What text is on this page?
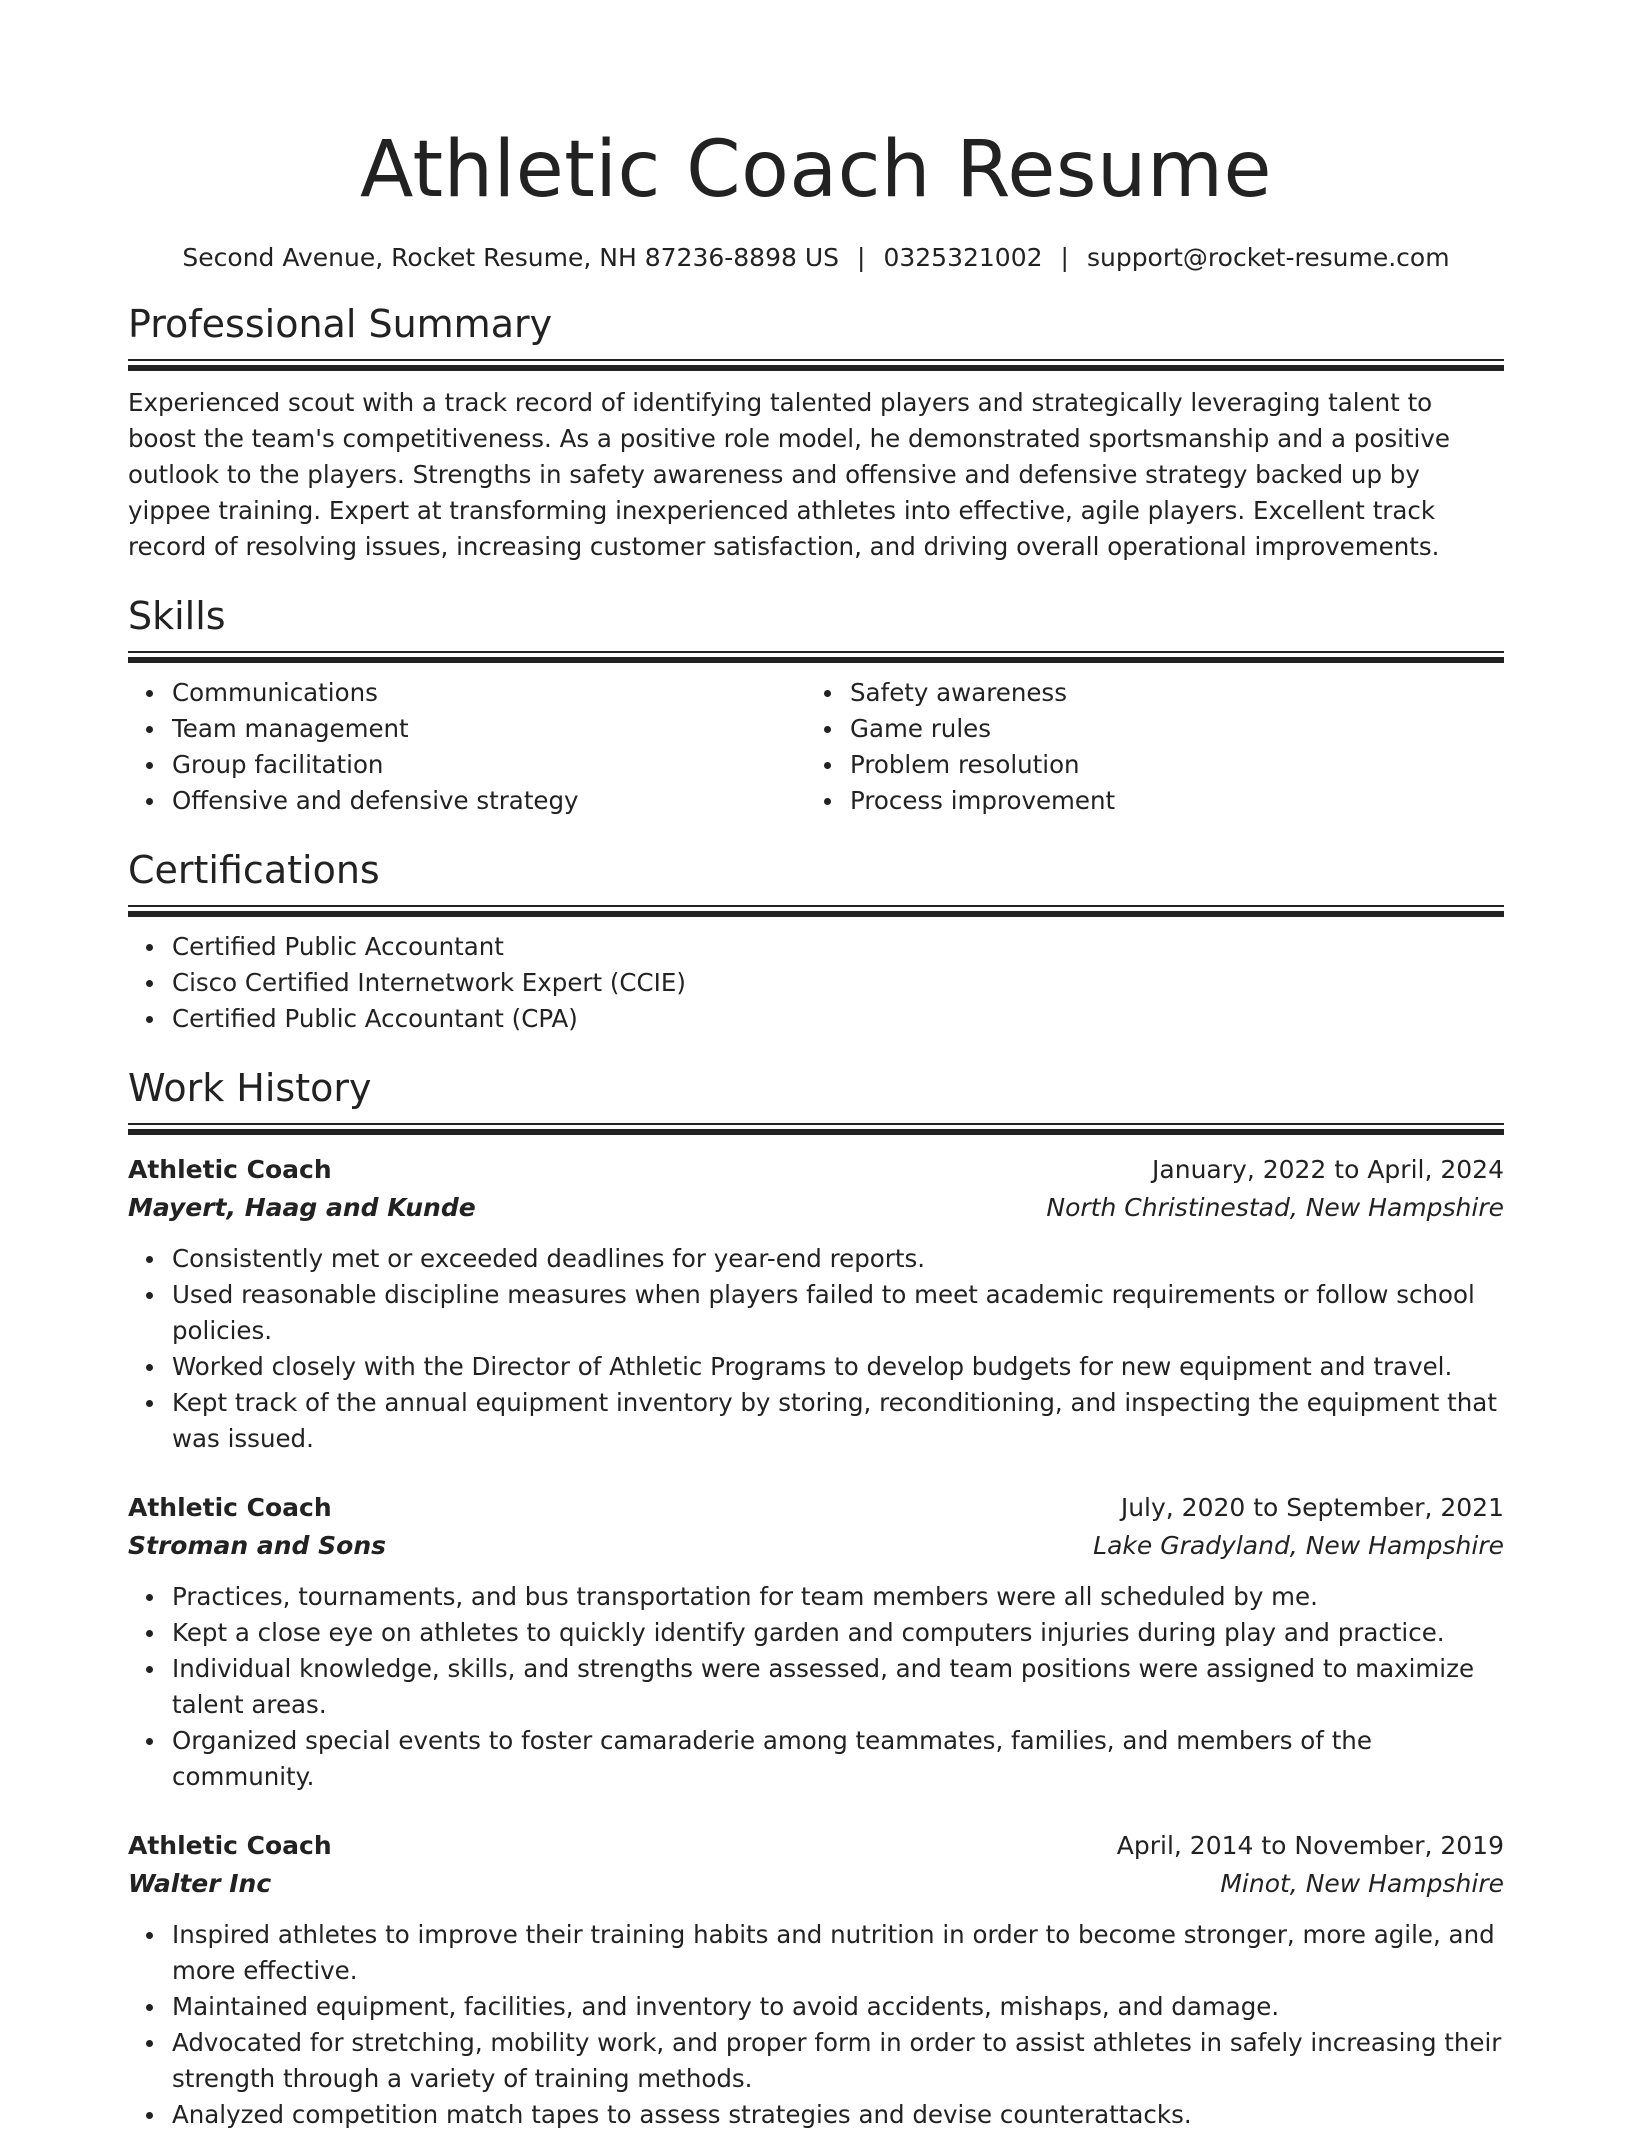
Athletic Coach Resume
Second Avenue, Rocket Resume, NH 87236-8898 US | 0325321002 | support@rocket-resume.com
Professional Summary

Experienced scout with a track record of identifying talented players and strategically leveraging talent to boost the team's competitiveness. As a positive role model, he demonstrated sportsmanship and a positive outlook to the players. Strengths in safety awareness and offensive and defensive strategy backed up by yippee training. Expert at transforming inexperienced athletes into effective, agile players. Excellent track record of resolving issues, increasing customer satisfaction, and driving overall operational improvements.

Skills
Communications
Team management
Group facilitation
Offensive and defensive strategy
Safety awareness
Game rules
Problem resolution
Process improvement
Certifications
Certified Public Accountant
Cisco Certified Internetwork Expert (CCIE)
Certified Public Accountant (CPA)
Work History
Athletic Coach	January, 2022 to April, 2024
Mayert, Haag and Kunde	North Christinestad, New Hampshire
Consistently met or exceeded deadlines for year-end reports.
Used reasonable discipline measures when players failed to meet academic requirements or follow school policies.
Worked closely with the Director of Athletic Programs to develop budgets for new equipment and travel.
Kept track of the annual equipment inventory by storing, reconditioning, and inspecting the equipment that was issued.
Athletic Coach	July, 2020 to September, 2021
Stroman and Sons	Lake Gradyland, New Hampshire
Practices, tournaments, and bus transportation for team members were all scheduled by me.
Kept a close eye on athletes to quickly identify garden and computers injuries during play and practice.
Individual knowledge, skills, and strengths were assessed, and team positions were assigned to maximize talent areas.
Organized special events to foster camaraderie among teammates, families, and members of the community.
Athletic Coach	April, 2014 to November, 2019
Walter Inc	Minot, New Hampshire
Inspired athletes to improve their training habits and nutrition in order to become stronger, more agile, and more effective.
Maintained equipment, facilities, and inventory to avoid accidents, mishaps, and damage.
Advocated for stretching, mobility work, and proper form in order to assist athletes in safely increasing their strength through a variety of training methods.
Analyzed competition match tapes to assess strategies and devise counterattacks.
